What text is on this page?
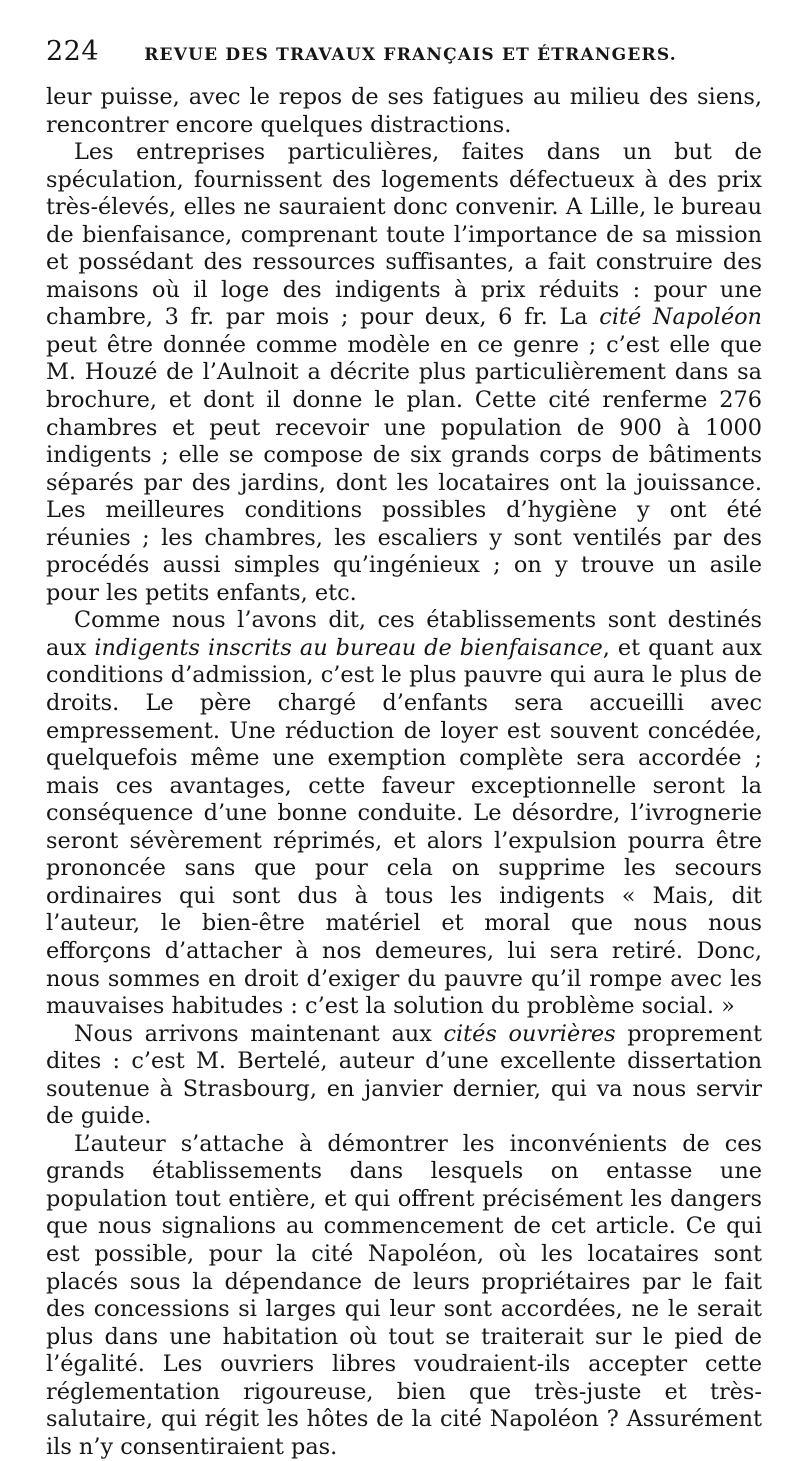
224	REVUE DES TRAVAUX FRANÇAIS ET ÉTRANGERS.

leur puisse, avec le repos de ses fatigues au milieu des siens, rencontrer encore quelques distractions.

Les entreprises particulières, faites dans un but de spéculation, fournissent des logements défectueux à des prix très-élevés, elles ne sauraient donc convenir. A Lille, le bureau de bienfaisance, comprenant toute l’importance de sa mission et possédant des ressources suffisantes, a fait construire des maisons où il loge des indigents à prix réduits : pour une chambre, 3 fr. par mois ; pour deux, 6 fr. La cité Napoléon peut être donnée comme modèle en ce genre ; c’est elle que M. Houzé de l’Aulnoit a décrite plus particulièrement dans sa brochure, et dont il donne le plan. Cette cité renferme 276 chambres et peut recevoir une population de 900 à 1000 indigents ; elle se compose de six grands corps de bâtiments séparés par des jardins, dont les locataires ont la jouissance. Les meilleures conditions possibles d’hygiène y ont été réunies ; les chambres, les escaliers y sont ventilés par des procédés aussi simples qu’ingénieux ; on y trouve un asile pour les petits enfants, etc.

Comme nous l’avons dit, ces établissements sont destinés aux indigents inscrits au bureau de bienfaisance, et quant aux conditions d’admission, c’est le plus pauvre qui aura le plus de droits. Le père chargé d’enfants sera accueilli avec empressement. Une réduction de loyer est souvent concédée, quelquefois même une exemption complète sera accordée ; mais ces avantages, cette faveur exceptionnelle seront la conséquence d’une bonne conduite. Le désordre, l’ivrognerie seront sévèrement réprimés, et alors l’expulsion pourra être prononcée sans que pour cela on supprime les secours ordinaires qui sont dus à tous les indigents « Mais, dit l’auteur, le bien-être matériel et moral que nous nous efforçons d’attacher à nos demeures, lui sera retiré. Donc, nous sommes en droit d’exiger du pauvre qu’il rompe avec les mauvaises habitudes : c’est la solution du problème social. »

Nous arrivons maintenant aux cités ouvrières proprement dites : c’est M. Bertelé, auteur d’une excellente dissertation soutenue à Strasbourg, en janvier dernier, qui va nous servir de guide.

L’auteur s’attache à démontrer les inconvénients de ces grands établissements dans lesquels on entasse une population tout entière, et qui offrent précisément les dangers que nous signalions au commencement de cet article. Ce qui est possible, pour la cité Napoléon, où les locataires sont placés sous la dépendance de leurs propriétaires par le fait des concessions si larges qui leur sont accordées, ne le serait plus dans une habitation où tout se traiterait sur le pied de l’égalité. Les ouvriers libres voudraient-ils accepter cette réglementation rigoureuse, bien que très-juste et très-salutaire, qui régit les hôtes de la cité Napoléon ? Assurément ils n’y consentiraient pas.
